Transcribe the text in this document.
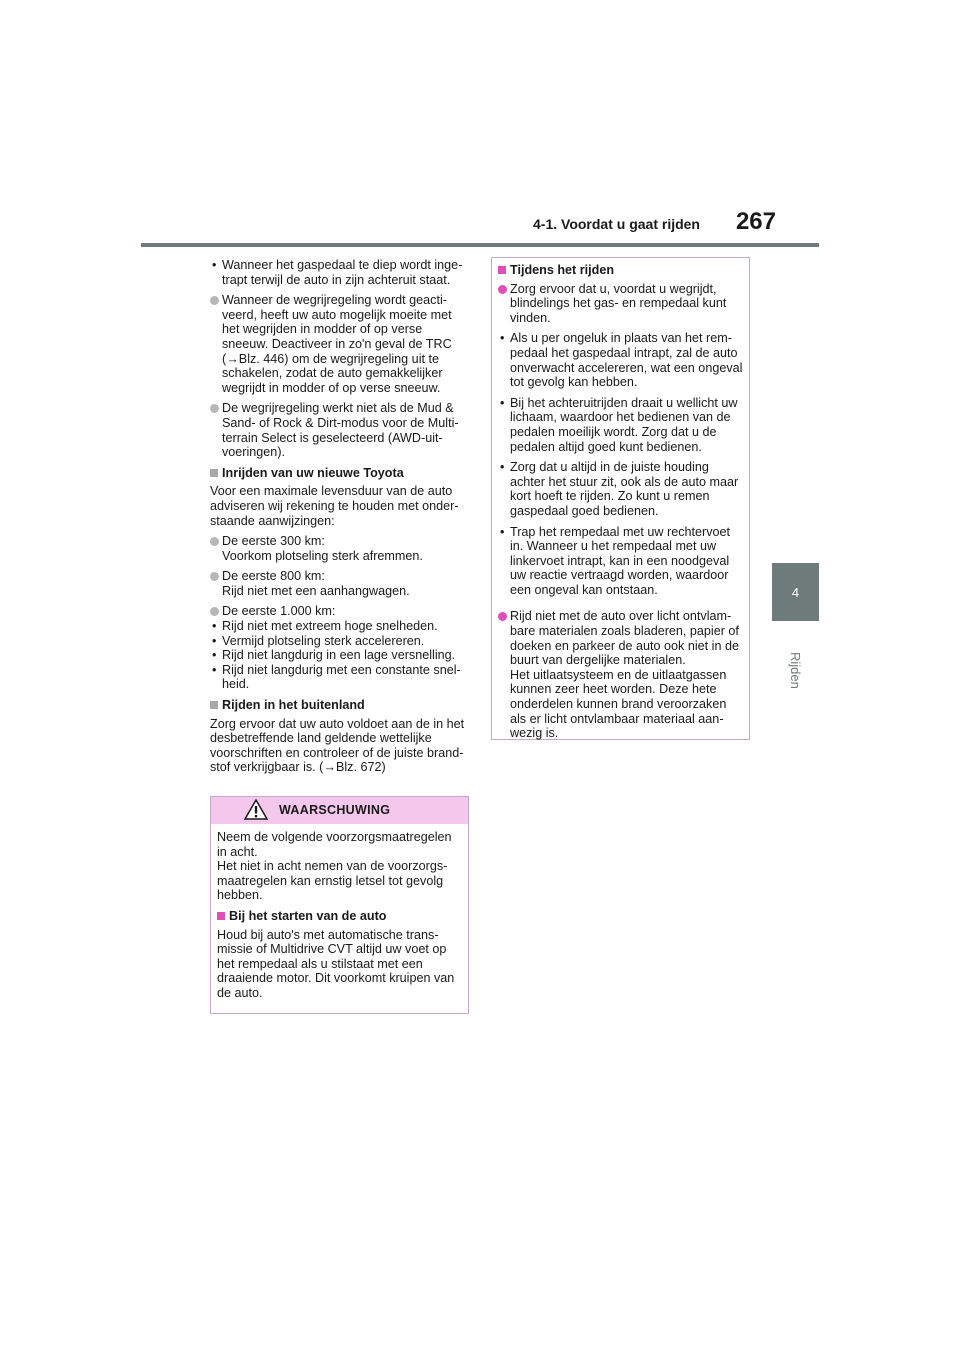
4-1. Voordat u gaat rijden	267
4
Rijden
• Wanneer het gaspedaal te diep wordt ingetrapt terwijl de auto in zijn achteruit staat.
Wanneer de wegrijregeling wordt geactiveerd, heeft uw auto mogelijk moeite met het wegrijden in modder of op verse sneeuw. Deactiveer in zo'n geval de TRC (→Blz. 446) om de wegrijregeling uit te schakelen, zodat de auto gemakkelijker wegrijdt in modder of op verse sneeuw.
De wegrijregeling werkt niet als de Mud & Sand- of Rock & Dirt-modus voor de Multi-terrain Select is geselecteerd (AWD-uitvoeringen).
Inrijden van uw nieuwe Toyota

Voor een maximale levensduur van de auto adviseren wij rekening te houden met onderstaande aanwijzingen:

De eerste 300 km:
Voorkom plotseling sterk afremmen.
De eerste 800 km:
Rijd niet met een aanhangwagen.
De eerste 1.000 km:
• Rijd niet met extreem hoge snelheden.
• Vermijd plotseling sterk accelereren.
• Rijd niet langdurig in een lage versnelling.
• Rijd niet langdurig met een constante snelheid.
Rijden in het buitenland

Zorg ervoor dat uw auto voldoet aan de in het desbetreffende land geldende wettelijke voorschriften en controleer of de juiste brandstof verkrijgbaar is. (→Blz. 672)

WAARSCHUWING
Neem de volgende voorzorgsmaatregelen in acht.

Het niet in acht nemen van de voorzorgsmaatregelen kan ernstig letsel tot gevolg hebben.

Bij het starten van de auto

Houd bij auto's met automatische transmissie of Multidrive CVT altijd uw voet op het rempedaal als u stilstaat met een draaiende motor. Dit voorkomt kruipen van de auto.

Tijdens het rijden
Zorg ervoor dat u, voordat u wegrijdt, blindelings het gas- en rempedaal kunt vinden.
• Als u per ongeluk in plaats van het rempedaal het gaspedaal intrapt, zal de auto onverwacht accelereren, wat een ongeval tot gevolg kan hebben.
• Bij het achteruitrijden draait u wellicht uw lichaam, waardoor het bedienen van de pedalen moeilijk wordt. Zorg dat u de pedalen altijd goed kunt bedienen.
• Zorg dat u altijd in de juiste houding achter het stuur zit, ook als de auto maar kort hoeft te rijden. Zo kunt u remen gaspedaal goed bedienen.
• Trap het rempedaal met uw rechtervoet in. Wanneer u het rempedaal met uw linkervoet intrapt, kan in een noodgeval uw reactie vertraagd worden, waardoor een ongeval kan ontstaan.
Rijd niet met de auto over licht ontvlambare materialen zoals bladeren, papier of doeken en parkeer de auto ook niet in de buurt van dergelijke materialen.
Het uitlaatsysteem en de uitlaatgassen kunnen zeer heet worden. Deze hete onderdelen kunnen brand veroorzaken als er licht ontvlambaar materiaal aanwezig is.
